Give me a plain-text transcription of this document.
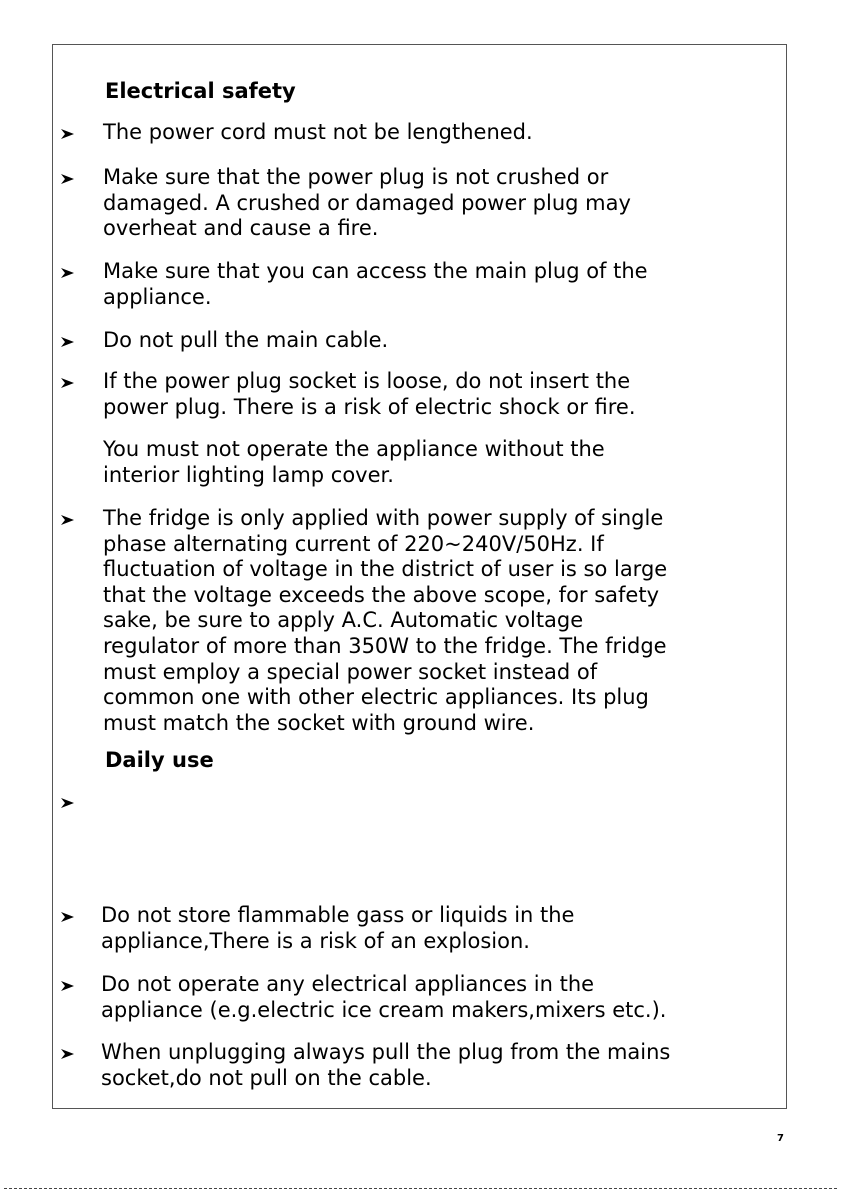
Electrical safety
The power cord must not be lengthened.
Make sure that the power plug is not crushed or
damaged. A crushed or damaged power plug may
overheat and cause a fire.
Make sure that you can access the main plug of the
appliance.
Do not pull the main cable.
If the power plug socket is loose, do not insert the
power plug. There is a risk of electric shock or fire.
You must not operate the appliance without the
interior lighting lamp cover.
The fridge is only applied with power supply of single
phase alternating current of 220~240V/50Hz. If
fluctuation of voltage in the district of user is so large
that the voltage exceeds the above scope, for safety
sake, be sure to apply A.C. Automatic voltage
regulator of more than 350W to the fridge. The fridge
must employ a special power socket instead of
common one with other electric appliances. Its plug
must match the socket with ground wire.
Daily use
Do not store flammable gass or liquids in the
appliance,There is a risk of an explosion.
Do not operate any electrical appliances in the
appliance (e.g.electric ice cream makers,mixers etc.).
When unplugging always pull the plug from the mains
socket,do not pull on the cable.
7
